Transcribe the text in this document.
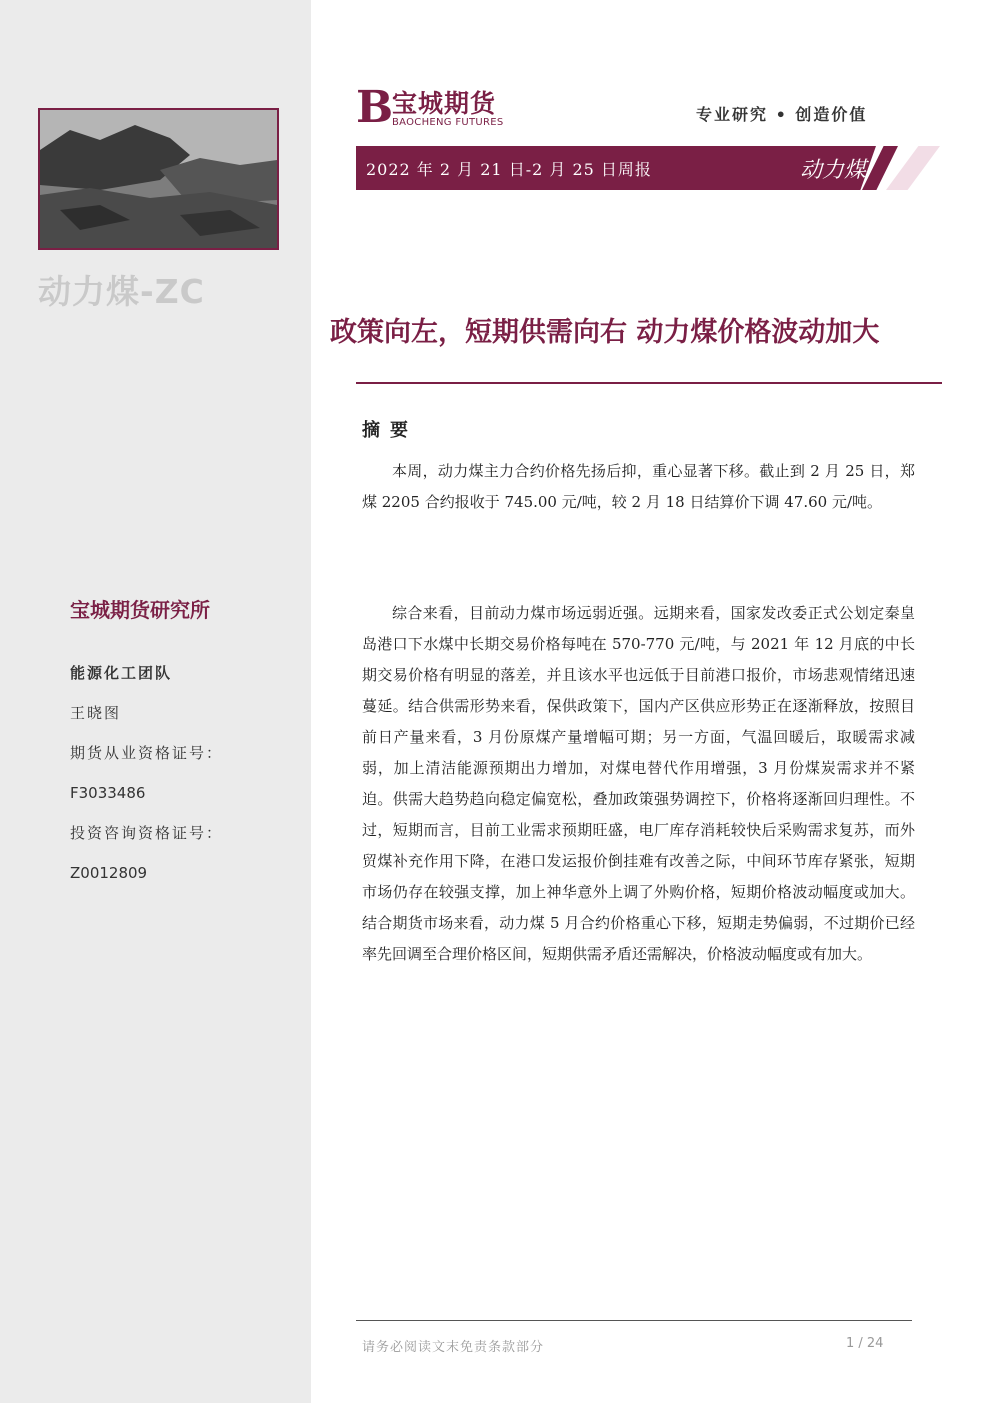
动力煤-ZC
宝城期货研究所
能源化工团队
王晓图
期货从业资格证号：
F3033486
投资咨询资格证号：
Z0012809
B
宝城期货
BAOCHENG FUTURES	专业研究 • 创造价值
2022 年 2 月 21 日-2 月 25 日周报	动力煤
政策向左，短期供需向右 动力煤价格波动加大
摘要
本周，动力煤主力合约价格先扬后抑，重心显著下移。截止到 2 月 25 日，郑煤 2205 合约报收于 745.00 元/吨，较 2 月 18 日结算价下调 47.60 元/吨。
综合来看，目前动力煤市场远弱近强。远期来看，国家发改委正式公划定秦皇岛港口下水煤中长期交易价格每吨在 570-770 元/吨，与 2021 年 12 月底的中长期交易价格有明显的落差，并且该水平也远低于目前港口报价，市场悲观情绪迅速蔓延。结合供需形势来看，保供政策下，国内产区供应形势正在逐渐释放，按照目前日产量来看，3 月份原煤产量增幅可期；另一方面，气温回暖后，取暖需求减弱，加上清洁能源预期出力增加，对煤电替代作用增强，3 月份煤炭需求并不紧迫。供需大趋势趋向稳定偏宽松，叠加政策强势调控下，价格将逐渐回归理性。不过，短期而言，目前工业需求预期旺盛，电厂库存消耗较快后采购需求复苏，而外贸煤补充作用下降，在港口发运报价倒挂难有改善之际，中间环节库存紧张，短期市场仍存在较强支撑，加上神华意外上调了外购价格，短期价格波动幅度或加大。结合期货市场来看，动力煤 5 月合约价格重心下移，短期走势偏弱，不过期价已经率先回调至合理价格区间，短期供需矛盾还需解决，价格波动幅度或有加大。
请务必阅读文末免责条款部分	1 / 24
